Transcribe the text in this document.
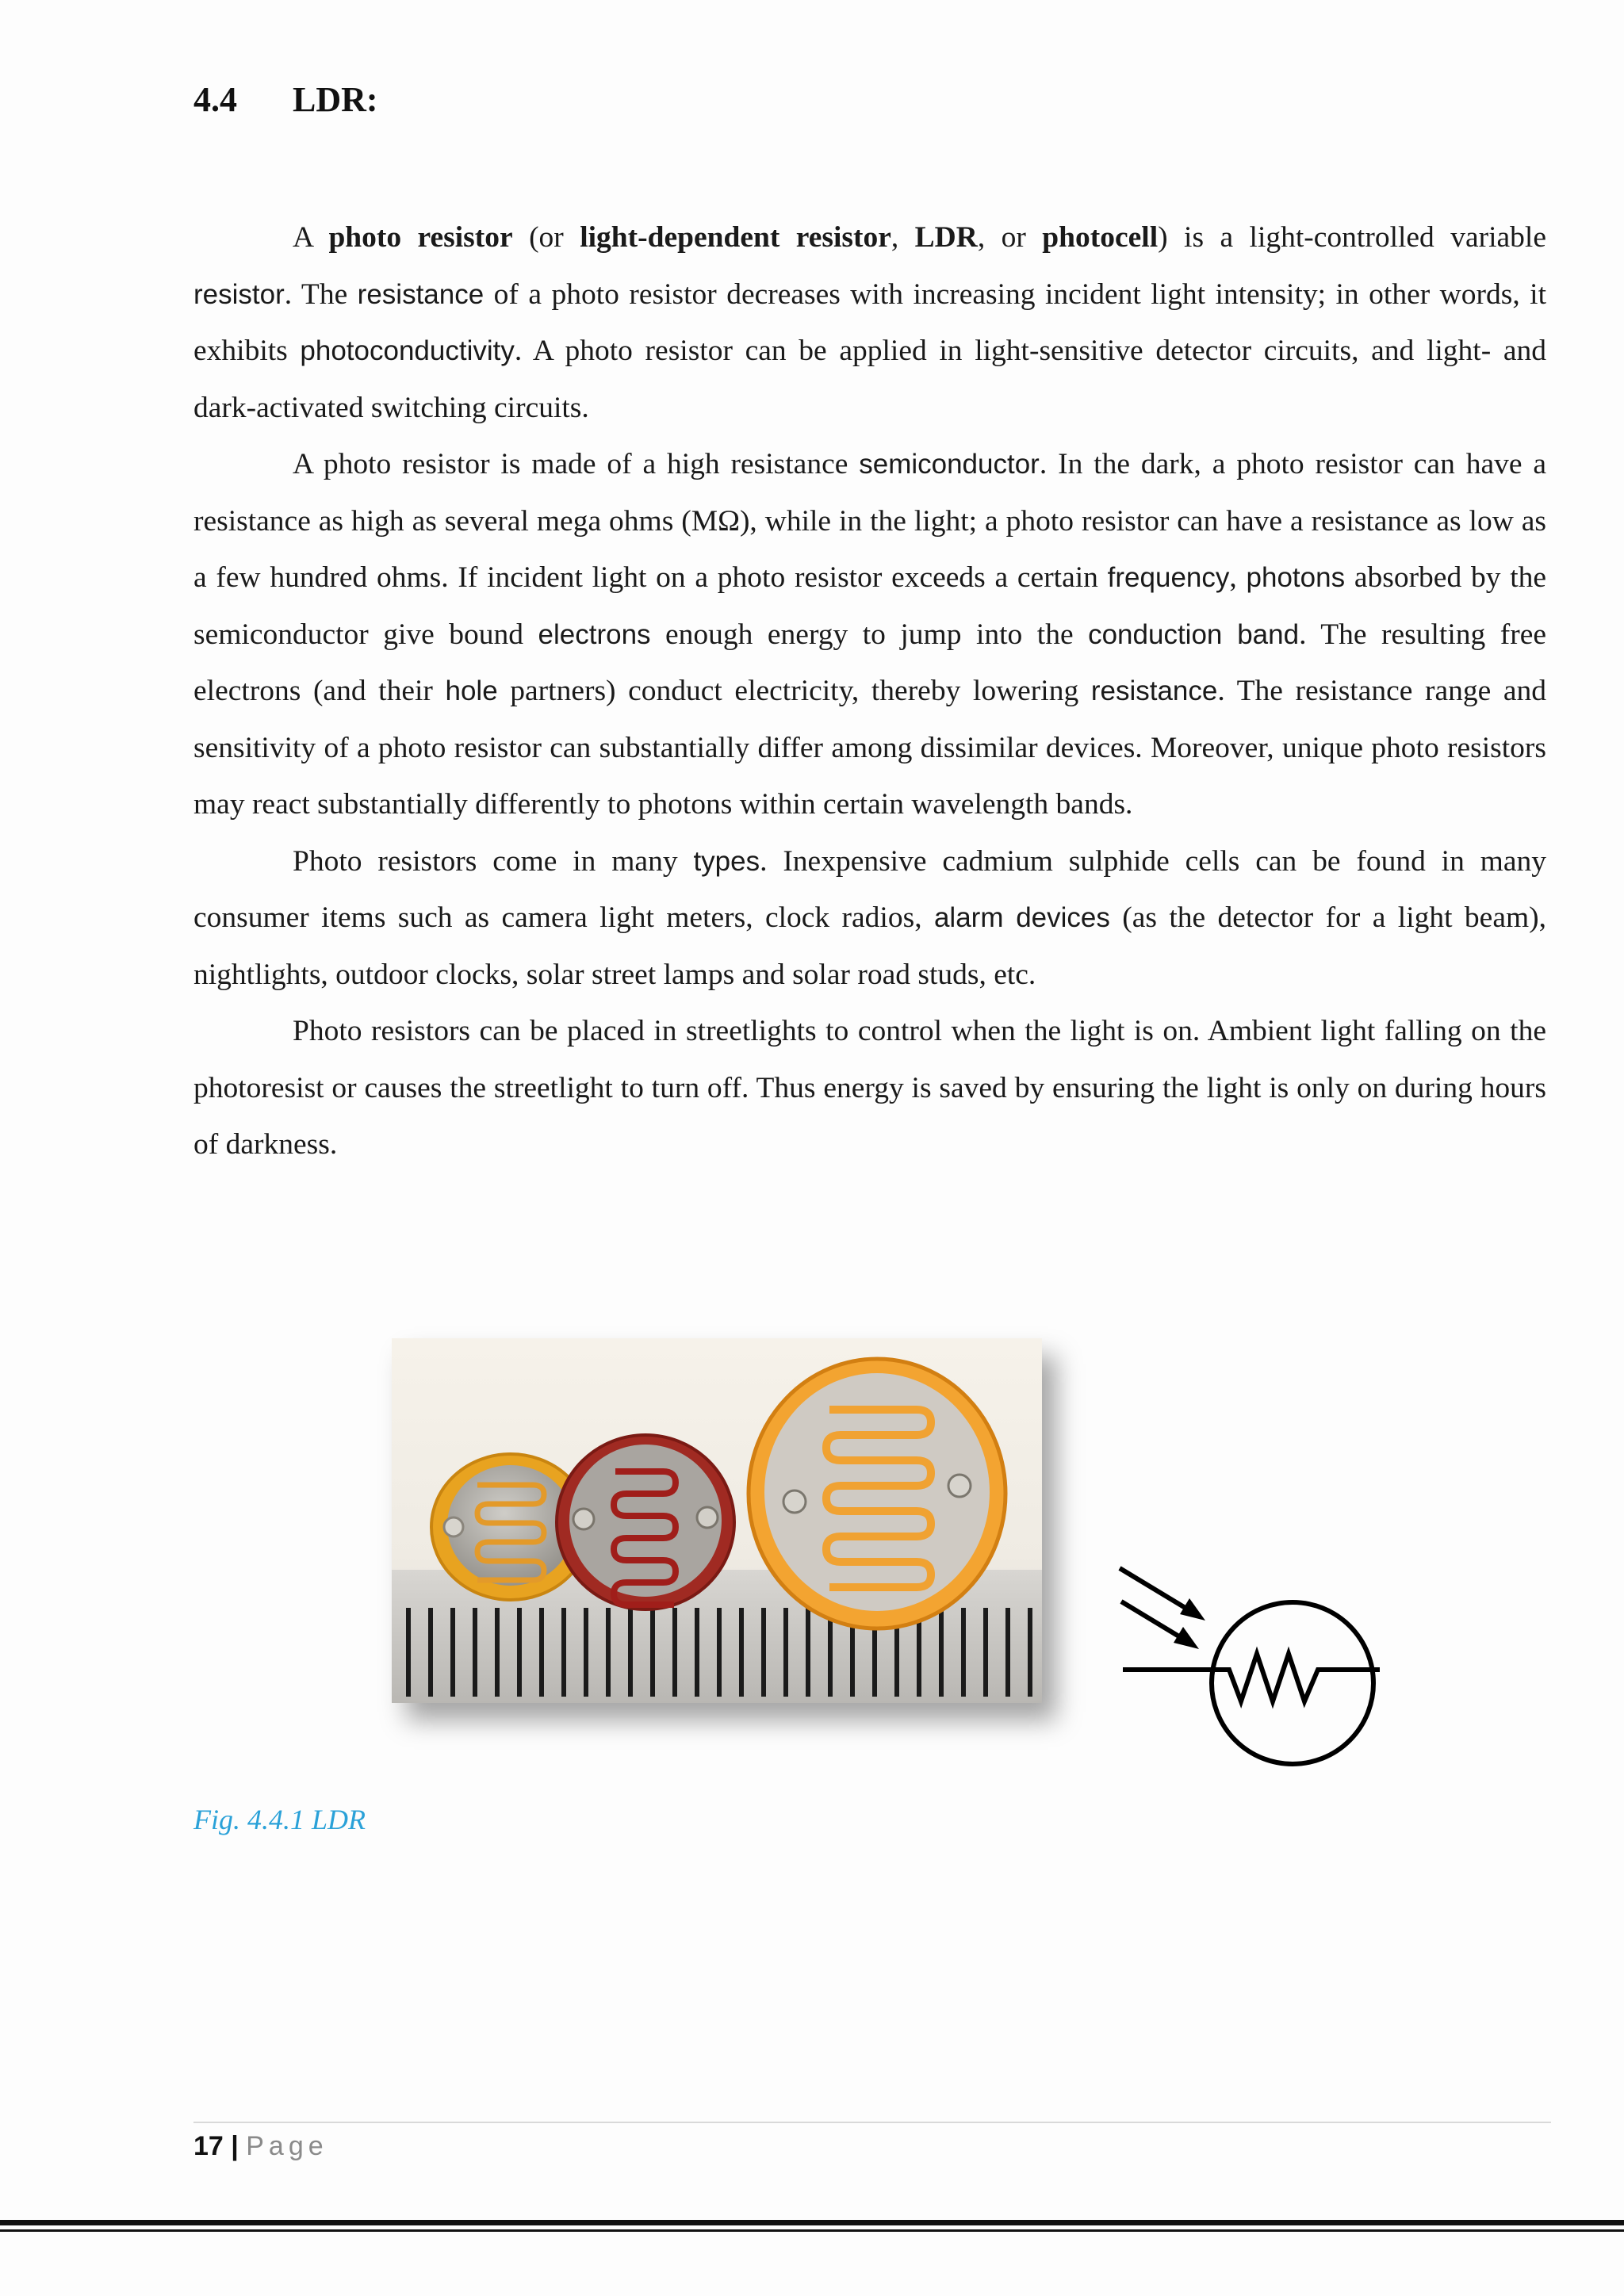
4.4 LDR:

A photo resistor (or light-dependent resistor, LDR, or photocell) is a light-controlled variable resistor. The resistance of a photo resistor decreases with increasing incident light intensity; in other words, it exhibits photoconductivity. A photo resistor can be applied in light-sensitive detector circuits, and light- and dark-activated switching circuits.

A photo resistor is made of a high resistance semiconductor. In the dark, a photo resistor can have a resistance as high as several mega ohms (MΩ), while in the light; a photo resistor can have a resistance as low as a few hundred ohms. If incident light on a photo resistor exceeds a certain frequency, photons absorbed by the semiconductor give bound electrons enough energy to jump into the conduction band. The resulting free electrons (and their hole partners) conduct electricity, thereby lowering resistance. The resistance range and sensitivity of a photo resistor can substantially differ among dissimilar devices. Moreover, unique photo resistors may react substantially differently to photons within certain wavelength bands.

Photo resistors come in many types. Inexpensive cadmium sulphide cells can be found in many consumer items such as camera light meters, clock radios, alarm devices (as the detector for a light beam), nightlights, outdoor clocks, solar street lamps and solar road studs, etc.

Photo resistors can be placed in streetlights to control when the light is on. Ambient light falling on the photoresist or causes the streetlight to turn off. Thus energy is saved by ensuring the light is only on during hours of darkness.

Fig. 4.4.1 LDR
17 | Page
